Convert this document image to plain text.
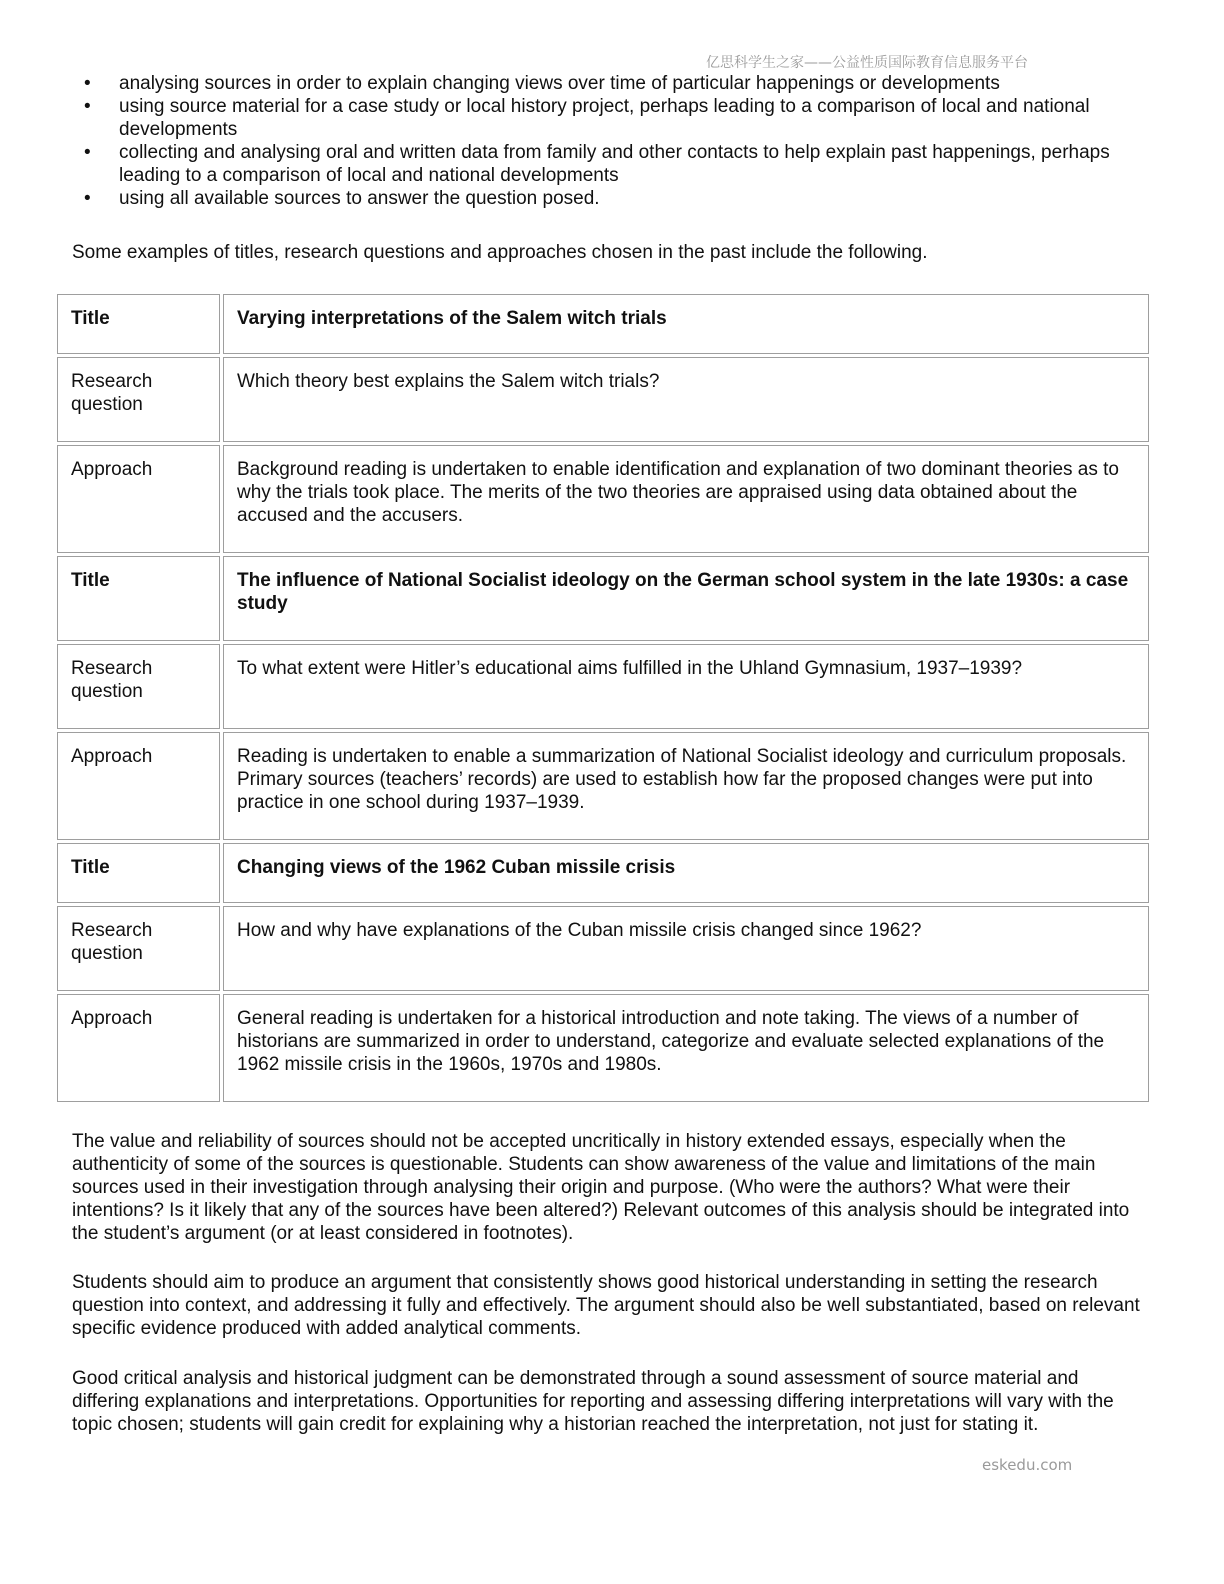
亿思科学生之家——公益性质国际教育信息服务平台
• analysing sources in order to explain changing views over time of particular happenings or developments
• using source material for a case study or local history project, perhaps leading to a comparison of local and national developments
• collecting and analysing oral and written data from family and other contacts to help explain past happenings, perhaps leading to a comparison of local and national developments
• using all available sources to answer the question posed.

Some examples of titles, research questions and approaches chosen in the past include the following.

Title	Varying interpretations of the Salem witch trials
Research question	Which theory best explains the Salem witch trials?
Approach	Background reading is undertaken to enable identification and explanation of two dominant theories as to why the trials took place. The merits of the two theories are appraised using data obtained about the accused and the accusers.
Title	The influence of National Socialist ideology on the German school system in the late 1930s: a case study
Research question	To what extent were Hitler’s educational aims fulfilled in the Uhland Gymnasium, 1937–1939?
Approach	Reading is undertaken to enable a summarization of National Socialist ideology and curriculum proposals. Primary sources (teachers’ records) are used to establish how far the proposed changes were put into practice in one school during 1937–1939.
Title	Changing views of the 1962 Cuban missile crisis
Research question	How and why have explanations of the Cuban missile crisis changed since 1962?
Approach	General reading is undertaken for a historical introduction and note taking. The views of a number of historians are summarized in order to understand, categorize and evaluate selected explanations of the 1962 missile crisis in the 1960s, 1970s and 1980s.

The value and reliability of sources should not be accepted uncritically in history extended essays, especially when the authenticity of some of the sources is questionable. Students can show awareness of the value and limitations of the main sources used in their investigation through analysing their origin and purpose. (Who were the authors? What were their intentions? Is it likely that any of the sources have been altered?) Relevant outcomes of this analysis should be integrated into the student’s argument (or at least considered in footnotes).

Students should aim to produce an argument that consistently shows good historical understanding in setting the research question into context, and addressing it fully and effectively. The argument should also be well substantiated, based on relevant specific evidence produced with added analytical comments.

Good critical analysis and historical judgment can be demonstrated through a sound assessment of source material and differing explanations and interpretations. Opportunities for reporting and assessing differing interpretations will vary with the topic chosen; students will gain credit for explaining why a historian reached the interpretation, not just for stating it.

eskedu.com
